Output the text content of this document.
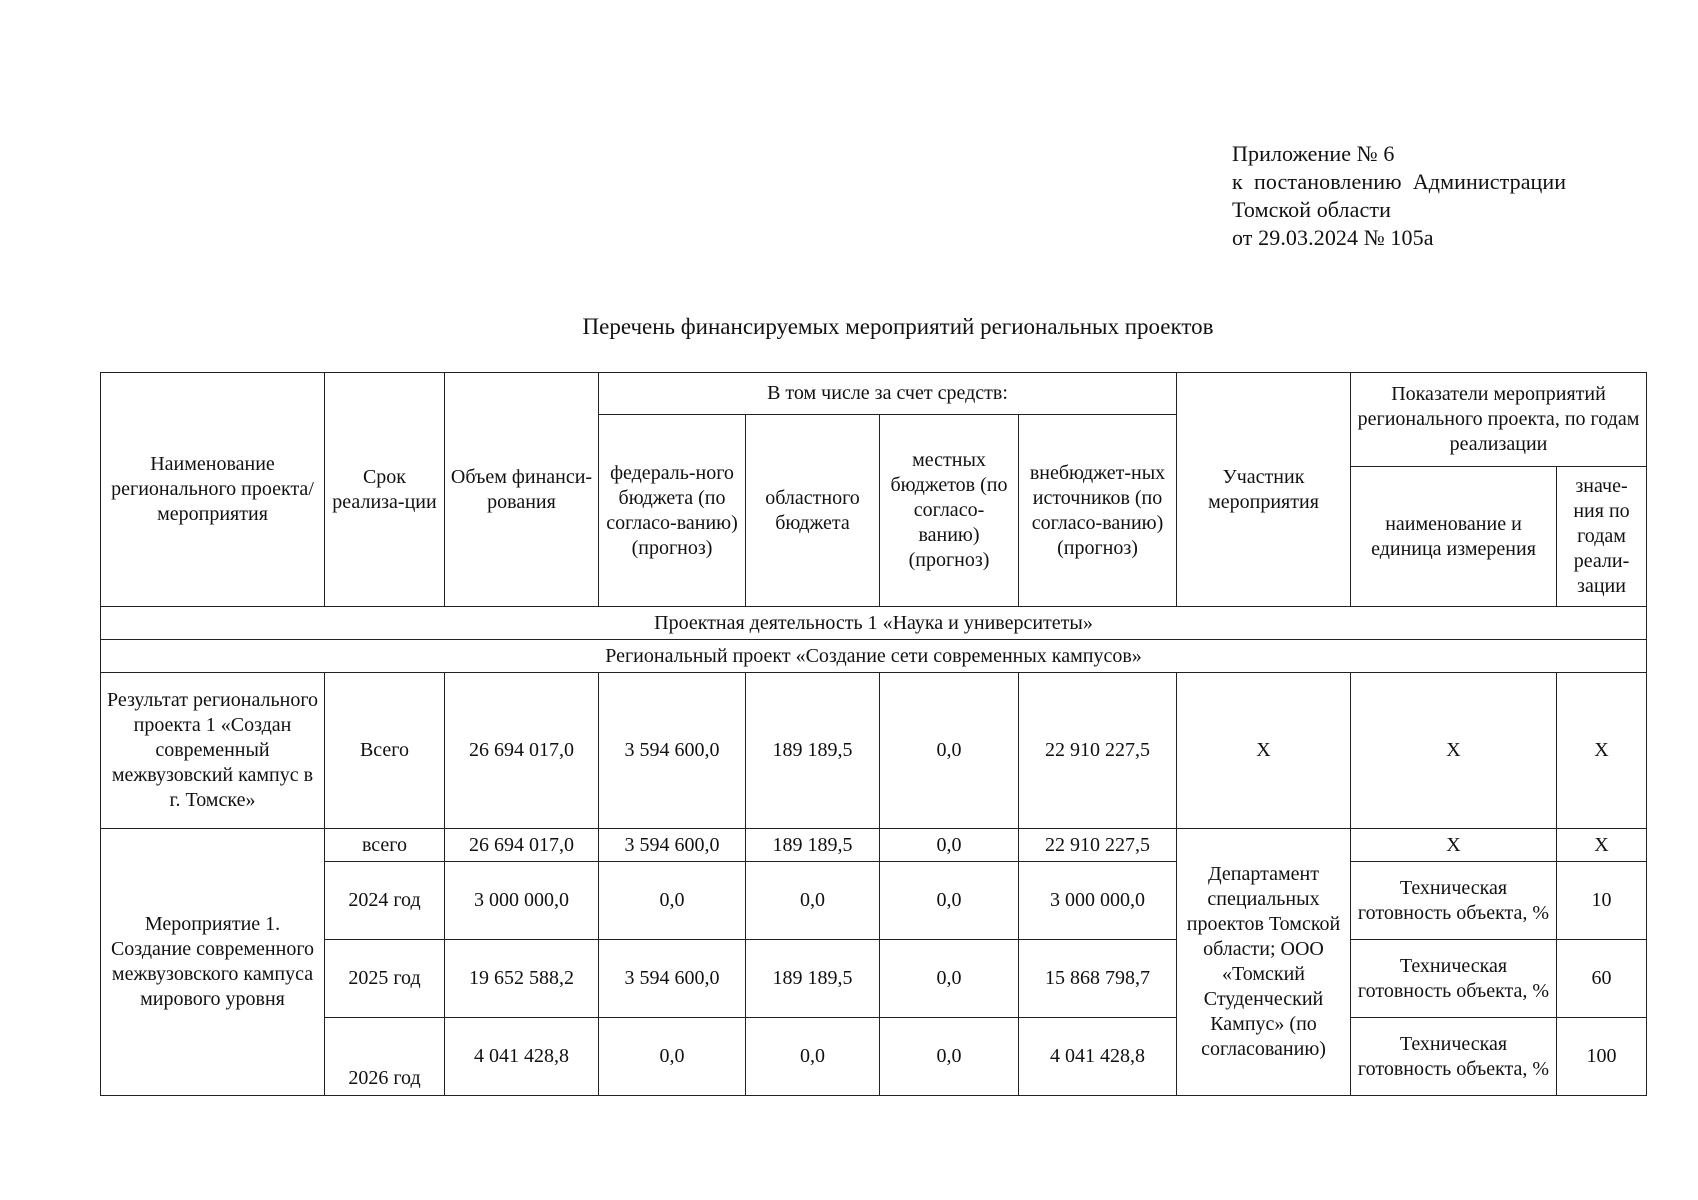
Приложение № 6
к  постановлению  Администрации
Томской области
от 29.03.2024 № 105а
Перечень финансируемых мероприятий региональных проектов
Наименование регионального проекта/ мероприятия	Срок реализа-ции	Объем финанси-рования	В том числе за счет средств:				Участник мероприятия	Показатели мероприятий регионального проекта, по годам реализации	
			федераль-ного бюджета (по согласо-ванию) (прогноз)	областного бюджета	местных бюджетов (по согласо-ванию) (прогноз)	внебюджет-ных источников (по согласо-ванию) (прогноз)			
								наименование и единица измерения	значе-ния по годам реали-зации
Проектная деятельность 1 «Наука и университеты»									
Региональный проект «Создание сети современных кампусов»									
Результат регионального проекта 1 «Создан современный межвузовский кампус в г. Томске»	Всего	26 694 017,0	3 594 600,0	189 189,5	0,0	22 910 227,5	X	X	X
Мероприятие 1. Создание современного межвузовского кампуса мирового уровня	всего	26 694 017,0	3 594 600,0	189 189,5	0,0	22 910 227,5	Департамент специальных проектов Томской области; ООО «Томский Студенческий Кампус» (по согласованию)	X	X
	2024 год	3 000 000,0	0,0	0,0	0,0	3 000 000,0		Техническая готовность объекта, %	10
	2025 год	19 652 588,2	3 594 600,0	189 189,5	0,0	15 868 798,7		Техническая готовность объекта, %	60
	2026 год	4 041 428,8	0,0	0,0	0,0	4 041 428,8		Техническая готовность объекта, %	100
